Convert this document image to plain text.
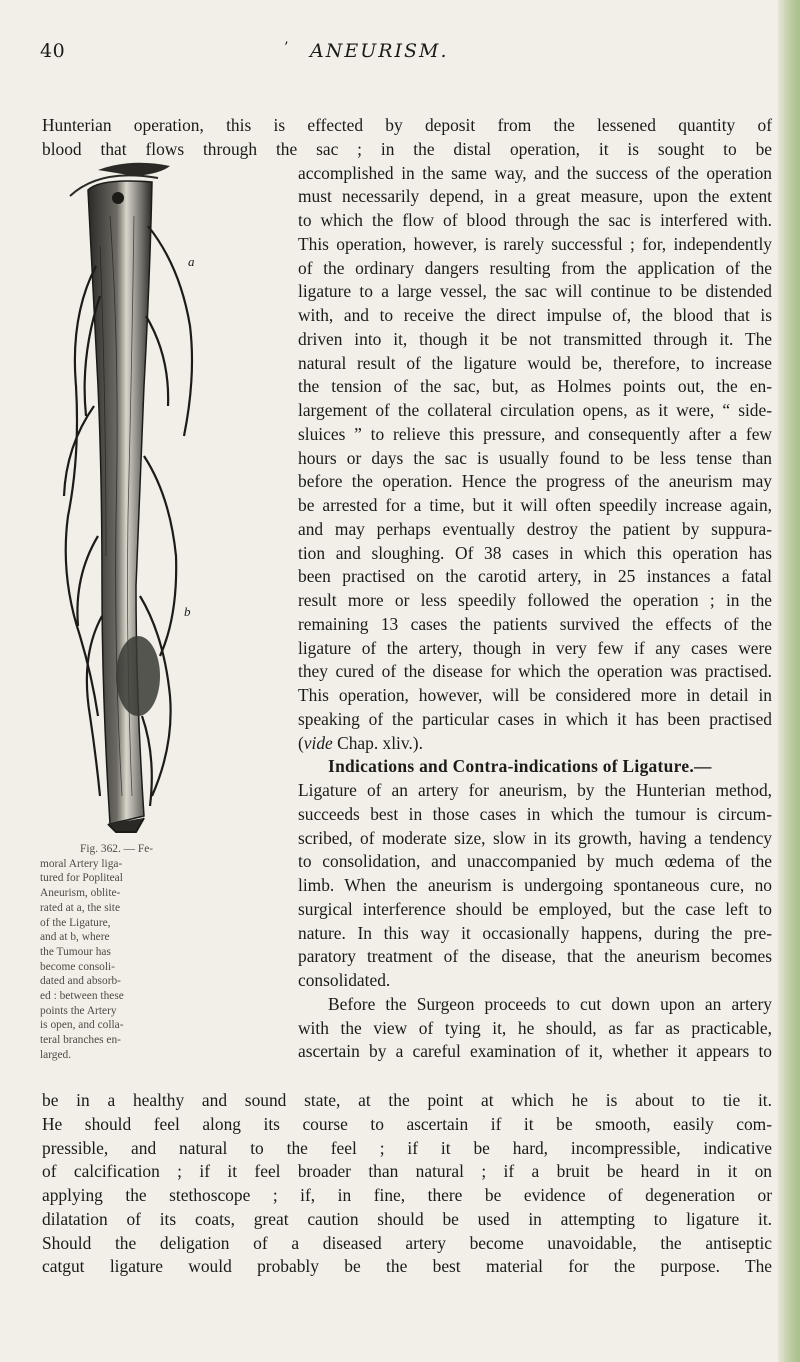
40	’ ANEURISM.
Hunterian operation, this is effected by deposit from the lessened quantity of
blood that flows through the sac ; in the distal operation, it is sought to be
a
b
accomplished in the same way, and the success of the operation
must necessarily depend, in a great measure, upon the extent
to which the flow of blood through the sac is interfered with.
This operation, however, is rarely successful ; for, independently
of the ordinary dangers resulting from the application of the
ligature to a large vessel, the sac will continue to be distended
with, and to receive the direct impulse of, the blood that is
driven into it, though it be not transmitted through it. The
natural result of the ligature would be, therefore, to increase
the tension of the sac, but, as Holmes points out, the en-
largement of the collateral circulation opens, as it were, “ side-
sluices ” to relieve this pressure, and consequently after a few
hours or days the sac is usually found to be less tense than
before the operation. Hence the progress of the aneurism may
be arrested for a time, but it will often speedily increase again,
and may perhaps eventually destroy the patient by suppura-
tion and sloughing. Of 38 cases in which this operation has
been practised on the carotid artery, in 25 instances a fatal
result more or less speedily followed the operation ; in the
remaining 13 cases the patients survived the effects of the
ligature of the artery, though in very few if any cases were
they cured of the disease for which the operation was practised.
This operation, however, will be considered more in detail in
speaking of the particular cases in which it has been practised
(vide Chap. xliv.).
Indications and Contra-indications of Ligature.—
Ligature of an artery for aneurism, by the Hunterian method,
succeeds best in those cases in which the tumour is circum-
scribed, of moderate size, slow in its growth, having a tendency
to consolidation, and unaccompanied by much œdema of the
limb. When the aneurism is undergoing spontaneous cure, no
surgical interference should be employed, but the case left to
nature. In this way it occasionally happens, during the pre-
paratory treatment of the disease, that the aneurism becomes
consolidated.
Before the Surgeon proceeds to cut down upon an artery
with the view of tying it, he should, as far as practicable,
ascertain by a careful examination of it, whether it appears to
Fig. 362. — Fe-
moral Artery liga-
tured for Popliteal
Aneurism, oblite-
rated at a, the site
of the Ligature,
and at b, where
the Tumour has
become consoli-
dated and absorb-
ed : between these
points the Artery
is open, and colla-
teral branches en-
larged.
be in a healthy and sound state, at the point at which he is about to tie it.
He should feel along its course to ascertain if it be smooth, easily com-
pressible, and natural to the feel ; if it be hard, incompressible, indicative
of calcification ; if it feel broader than natural ; if a bruit be heard in it on
applying the stethoscope ; if, in fine, there be evidence of degeneration or
dilatation of its coats, great caution should be used in attempting to ligature it.
Should the deligation of a diseased artery become unavoidable, the antiseptic
catgut ligature would probably be the best material for the purpose. The
